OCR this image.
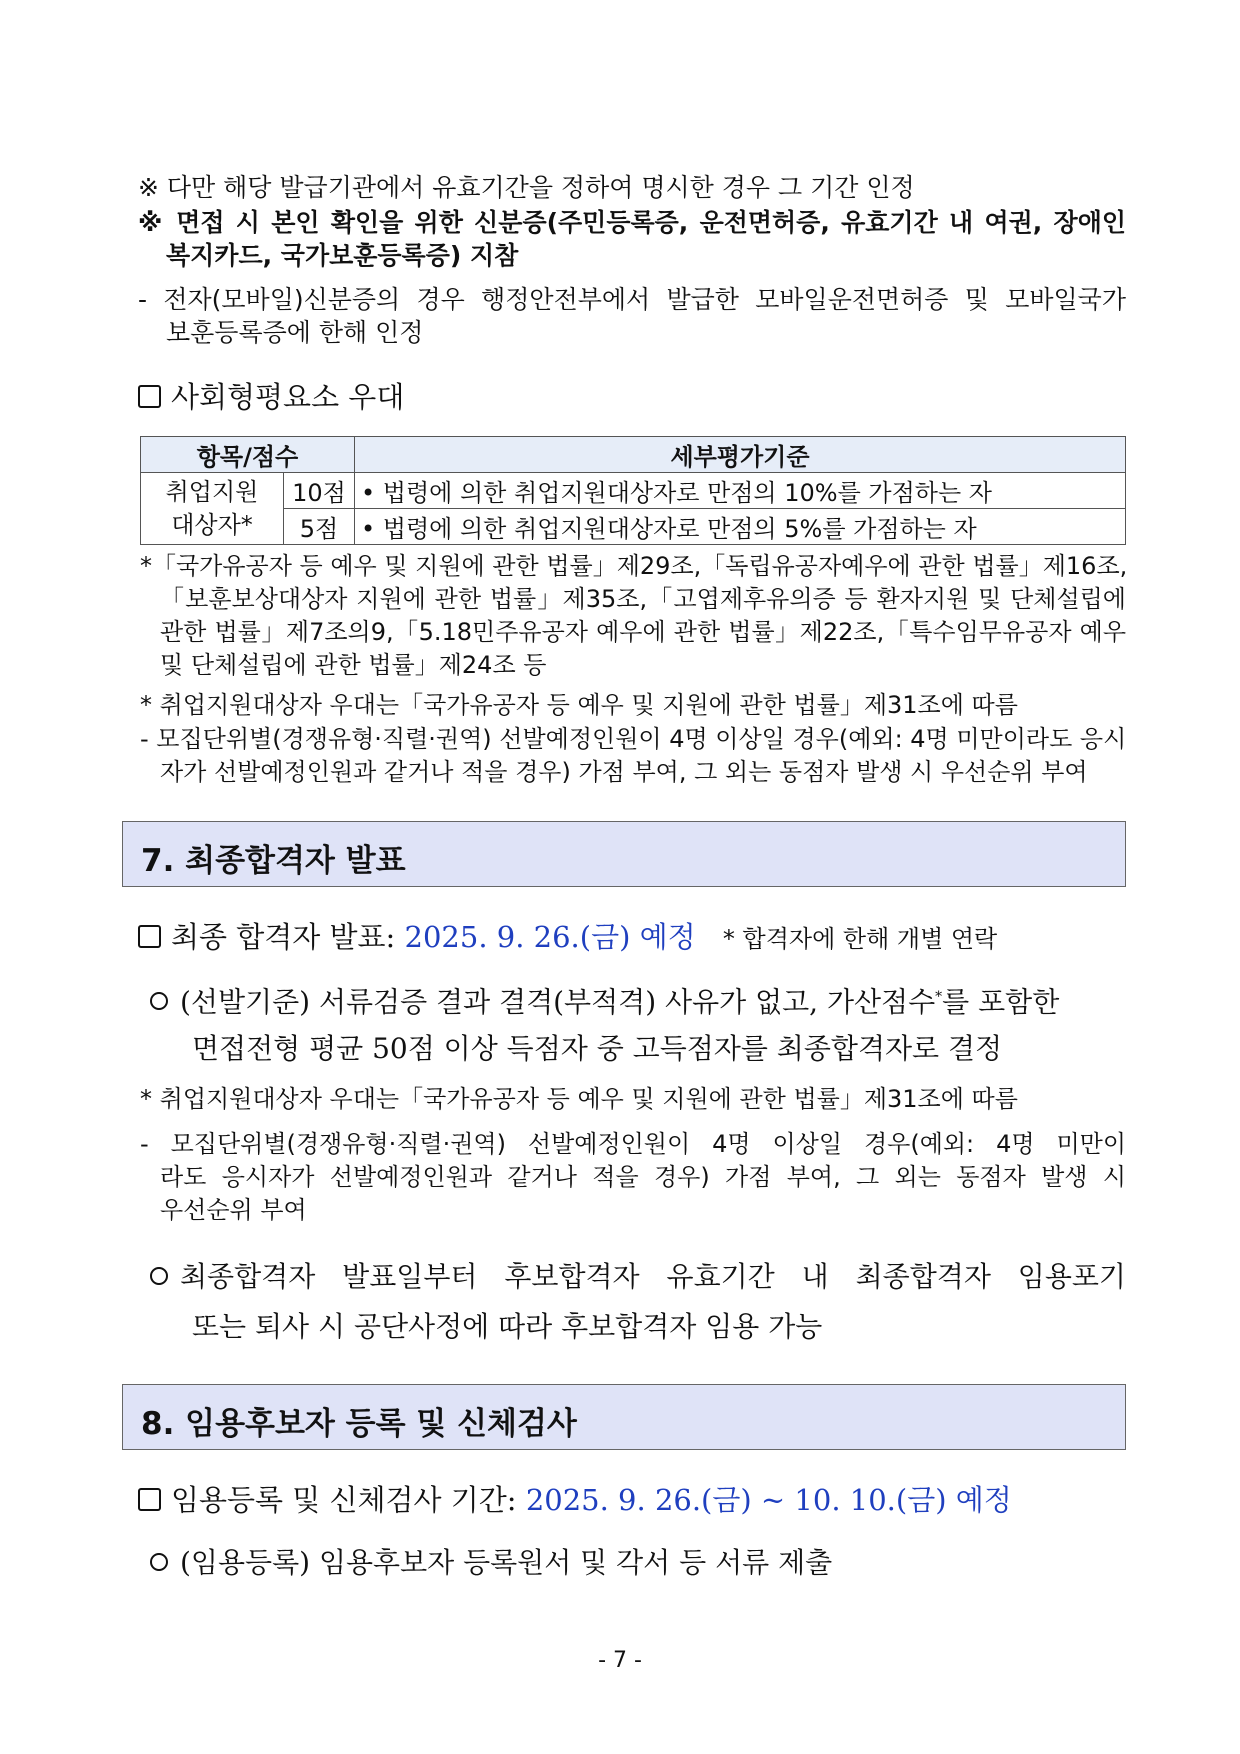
※ 다만 해당 발급기관에서 유효기간을 정하여 명시한 경우 그 기간 인정
※ 면접 시 본인 확인을 위한 신분증(주민등록증, 운전면허증, 유효기간 내 여권, 장애인
복지카드, 국가보훈등록증) 지참
- 전자(모바일)신분증의 경우 행정안전부에서 발급한 모바일운전면허증 및 모바일국가
보훈등록증에 한해 인정
사회형평요소 우대
항목/점수		세부평가기준

취업지원
대상자*	10점	• 법령에 의한 취업지원대상자로 만점의 10%를 가점하는 자
	5점	• 법령에 의한 취업지원대상자로 만점의 5%를 가점하는 자
*「국가유공자 등 예우 및 지원에 관한 법률」제29조,「독립유공자예우에 관한 법률」제16조,
「보훈보상대상자 지원에 관한 법률」제35조,「고엽제후유의증 등 환자지원 및 단체설립에
관한 법률」제7조의9,「5.18민주유공자 예우에 관한 법률」제22조,「특수임무유공자 예우
및 단체설립에 관한 법률」제24조 등
* 취업지원대상자 우대는「국가유공자 등 예우 및 지원에 관한 법률」제31조에 따름
- 모집단위별(경쟁유형·직렬·권역) 선발예정인원이 4명 이상일 경우(예외: 4명 미만이라도 응시
자가 선발예정인원과 같거나 적을 경우) 가점 부여, 그 외는 동점자 발생 시 우선순위 부여
7. 최종합격자 발표
최종 합격자 발표: 2025. 9. 26.(금) 예정 * 합격자에 한해 개별 연락
(선발기준) 서류검증 결과 결격(부적격) 사유가 없고, 가산점수*를 포함한
면접전형 평균 50점 이상 득점자 중 고득점자를 최종합격자로 결정
* 취업지원대상자 우대는「국가유공자 등 예우 및 지원에 관한 법률」제31조에 따름
- 모집단위별(경쟁유형·직렬·권역) 선발예정인원이 4명 이상일 경우(예외: 4명 미만이
라도 응시자가 선발예정인원과 같거나 적을 경우) 가점 부여, 그 외는 동점자 발생 시
우선순위 부여
최종합격자 발표일부터 후보합격자 유효기간 내 최종합격자 임용포기
또는 퇴사 시 공단사정에 따라 후보합격자 임용 가능
8. 임용후보자 등록 및 신체검사
임용등록 및 신체검사 기간: 2025. 9. 26.(금) ~ 10. 10.(금) 예정
(임용등록) 임용후보자 등록원서 및 각서 등 서류 제출
- 7 -
